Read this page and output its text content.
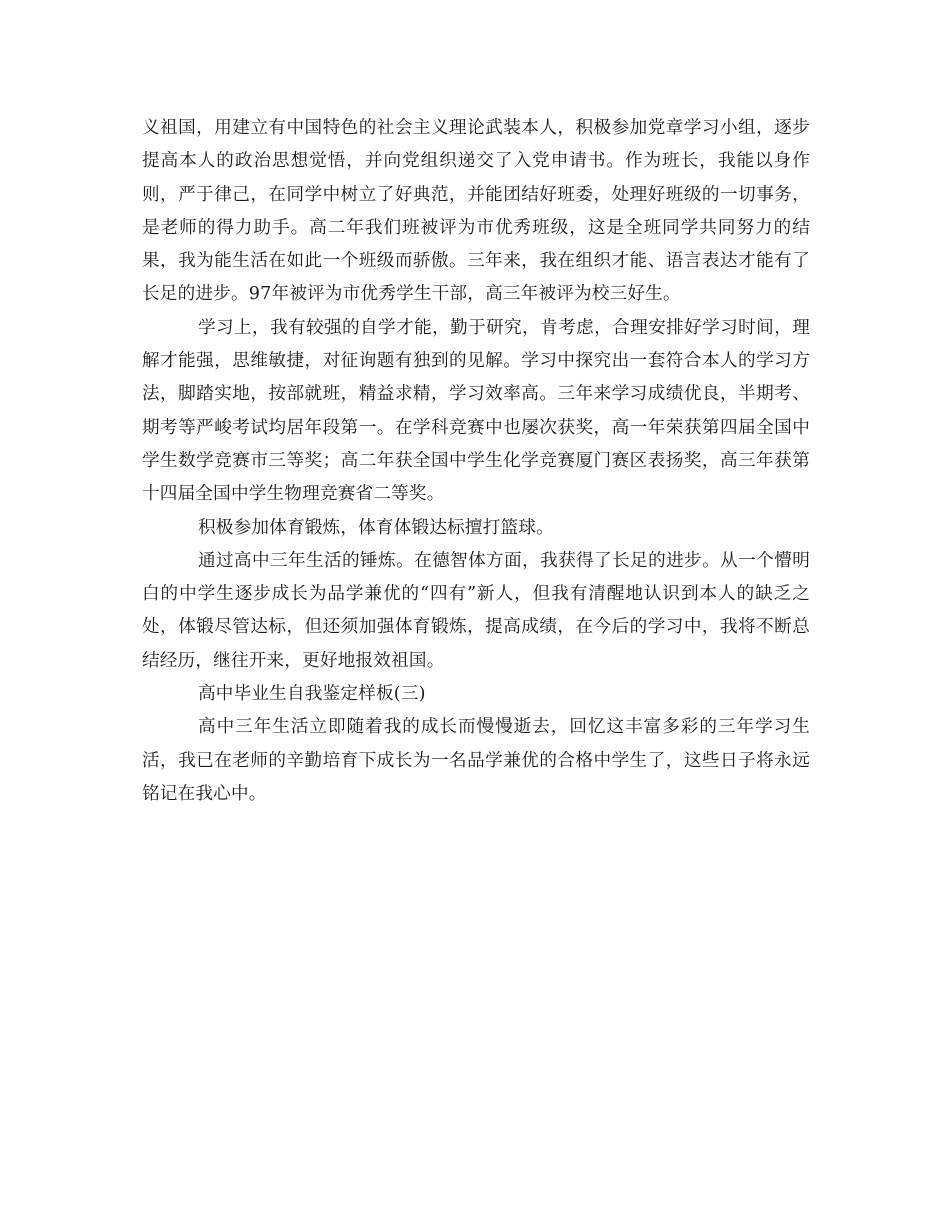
义祖国，用建立有中国特色的社会主义理论武装本人，积极参加党章学习小组，逐步提高本人的政治思想觉悟，并向党组织递交了入党申请书。作为班长，我能以身作则，严于律己，在同学中树立了好典范，并能团结好班委，处理好班级的一切事务，是老师的得力助手。高二年我们班被评为市优秀班级，这是全班同学共同努力的结果，我为能生活在如此一个班级而骄傲。三年来，我在组织才能、语言表达才能有了长足的进步。97年被评为市优秀学生干部，高三年被评为校三好生。

学习上，我有较强的自学才能，勤于研究，肯考虑，合理安排好学习时间，理解才能强，思维敏捷，对征询题有独到的见解。学习中探究出一套符合本人的学习方法，脚踏实地，按部就班，精益求精，学习效率高。三年来学习成绩优良，半期考、期考等严峻考试均居年段第一。在学科竞赛中也屡次获奖，高一年荣获第四届全国中学生数学竞赛市三等奖；高二年获全国中学生化学竞赛厦门赛区表扬奖，高三年获第十四届全国中学生物理竞赛省二等奖。

积极参加体育锻炼，体育体锻达标擅打篮球。

通过高中三年生活的锤炼。在德智体方面，我获得了长足的进步。从一个懵明白的中学生逐步成长为品学兼优的“四有”新人，但我有清醒地认识到本人的缺乏之处，体锻尽管达标，但还须加强体育锻炼，提高成绩，在今后的学习中，我将不断总结经历，继往开来，更好地报效祖国。

高中毕业生自我鉴定样板(三)

高中三年生活立即随着我的成长而慢慢逝去，回忆这丰富多彩的三年学习生活，我已在老师的辛勤培育下成长为一名品学兼优的合格中学生了，这些日子将永远铭记在我心中。
